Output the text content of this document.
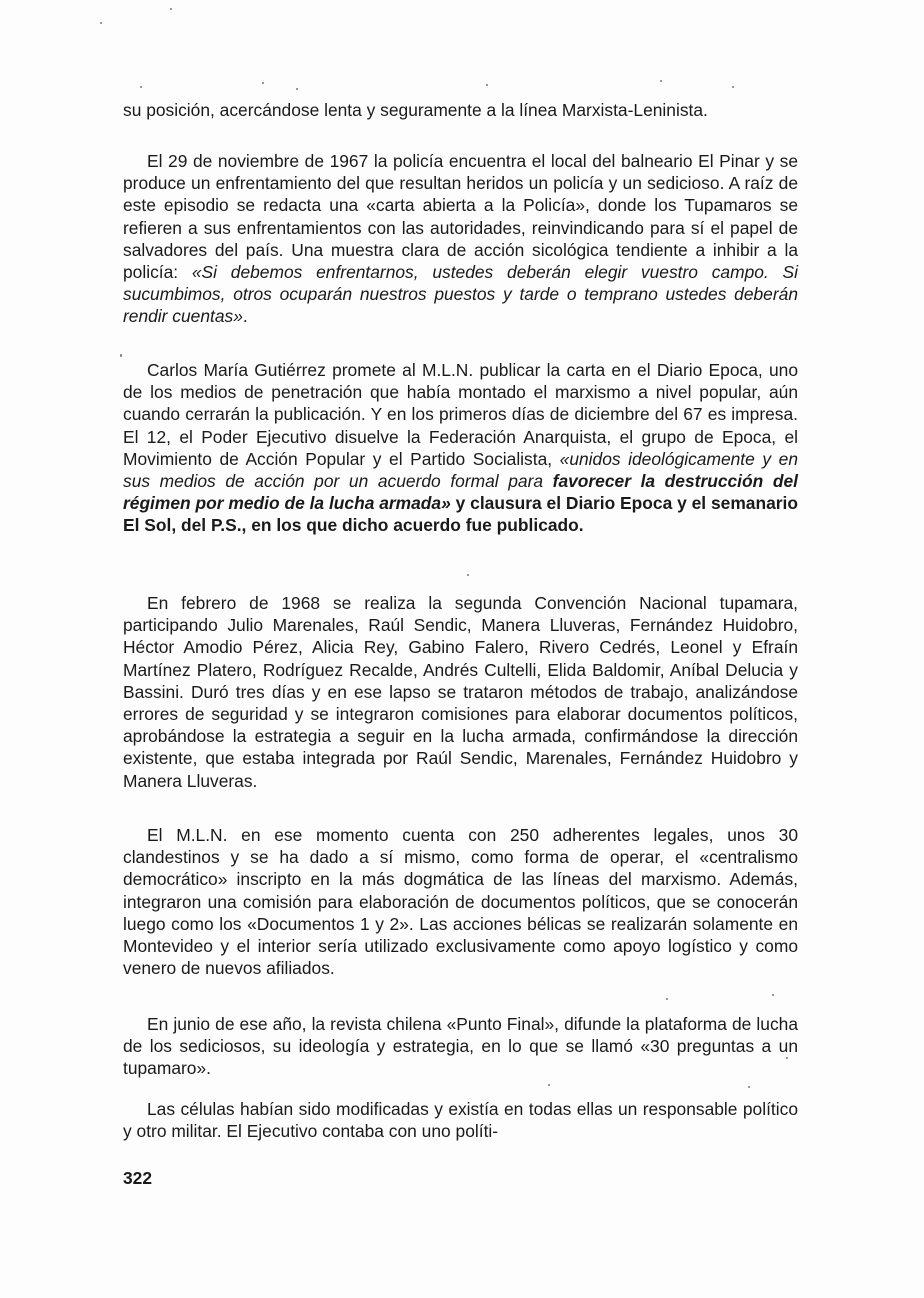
su posición, acercándose lenta y seguramente a la línea Marxista-Leninista.

El 29 de noviembre de 1967 la policía encuentra el local del balneario El Pinar y se produce un enfrentamiento del que resultan heridos un policía y un sedicioso. A raíz de este episodio se redacta una «carta abierta a la Policía», donde los Tupamaros se refieren a sus enfrentamientos con las autoridades, reinvindicando para sí el papel de salvadores del país. Una muestra clara de acción sicológica tendiente a inhibir a la policía: «Si debemos enfrentarnos, ustedes deberán elegir vuestro campo. Si sucumbimos, otros ocuparán nuestros puestos y tarde o temprano ustedes deberán rendir cuentas».

Carlos María Gutiérrez promete al M.L.N. publicar la carta en el Diario Epoca, uno de los medios de penetración que había montado el marxismo a nivel popular, aún cuando cerrarán la publicación. Y en los primeros días de diciembre del 67 es impresa. El 12, el Poder Ejecutivo disuelve la Federación Anarquista, el grupo de Epoca, el Movimiento de Acción Popular y el Partido Socialista, «unidos ideológicamente y en sus medios de acción por un acuerdo formal para favorecer la destrucción del régimen por medio de la lucha armada» y clausura el Diario Epoca y el semanario El Sol, del P.S., en los que dicho acuerdo fue publicado.

En febrero de 1968 se realiza la segunda Convención Nacional tupamara, participando Julio Marenales, Raúl Sendic, Manera Lluveras, Fernández Huidobro, Héctor Amodio Pérez, Alicia Rey, Gabino Falero, Rivero Cedrés, Leonel y Efraín Martínez Platero, Rodríguez Recalde, Andrés Cultelli, Elida Baldomir, Aníbal Delucia y Bassini. Duró tres días y en ese lapso se trataron métodos de trabajo, analizándose errores de seguridad y se integraron comisiones para elaborar documentos políticos, aprobándose la estrategia a seguir en la lucha armada, confirmándose la dirección existente, que estaba integrada por Raúl Sendic, Marenales, Fernández Huidobro y Manera Lluveras.

El M.L.N. en ese momento cuenta con 250 adherentes legales, unos 30 clandestinos y se ha dado a sí mismo, como forma de operar, el «centralismo democrático» inscripto en la más dogmática de las líneas del marxismo. Además, integraron una comisión para elaboración de documentos políticos, que se conocerán luego como los «Documentos 1 y 2». Las acciones bélicas se realizarán solamente en Montevideo y el interior sería utilizado exclusivamente como apoyo logístico y como venero de nuevos afiliados.

En junio de ese año, la revista chilena «Punto Final», difunde la plataforma de lucha de los sediciosos, su ideología y estrategia, en lo que se llamó «30 preguntas a un tupamaro».

Las células habían sido modificadas y existía en todas ellas un responsable político y otro militar. El Ejecutivo contaba con uno políti-

322
